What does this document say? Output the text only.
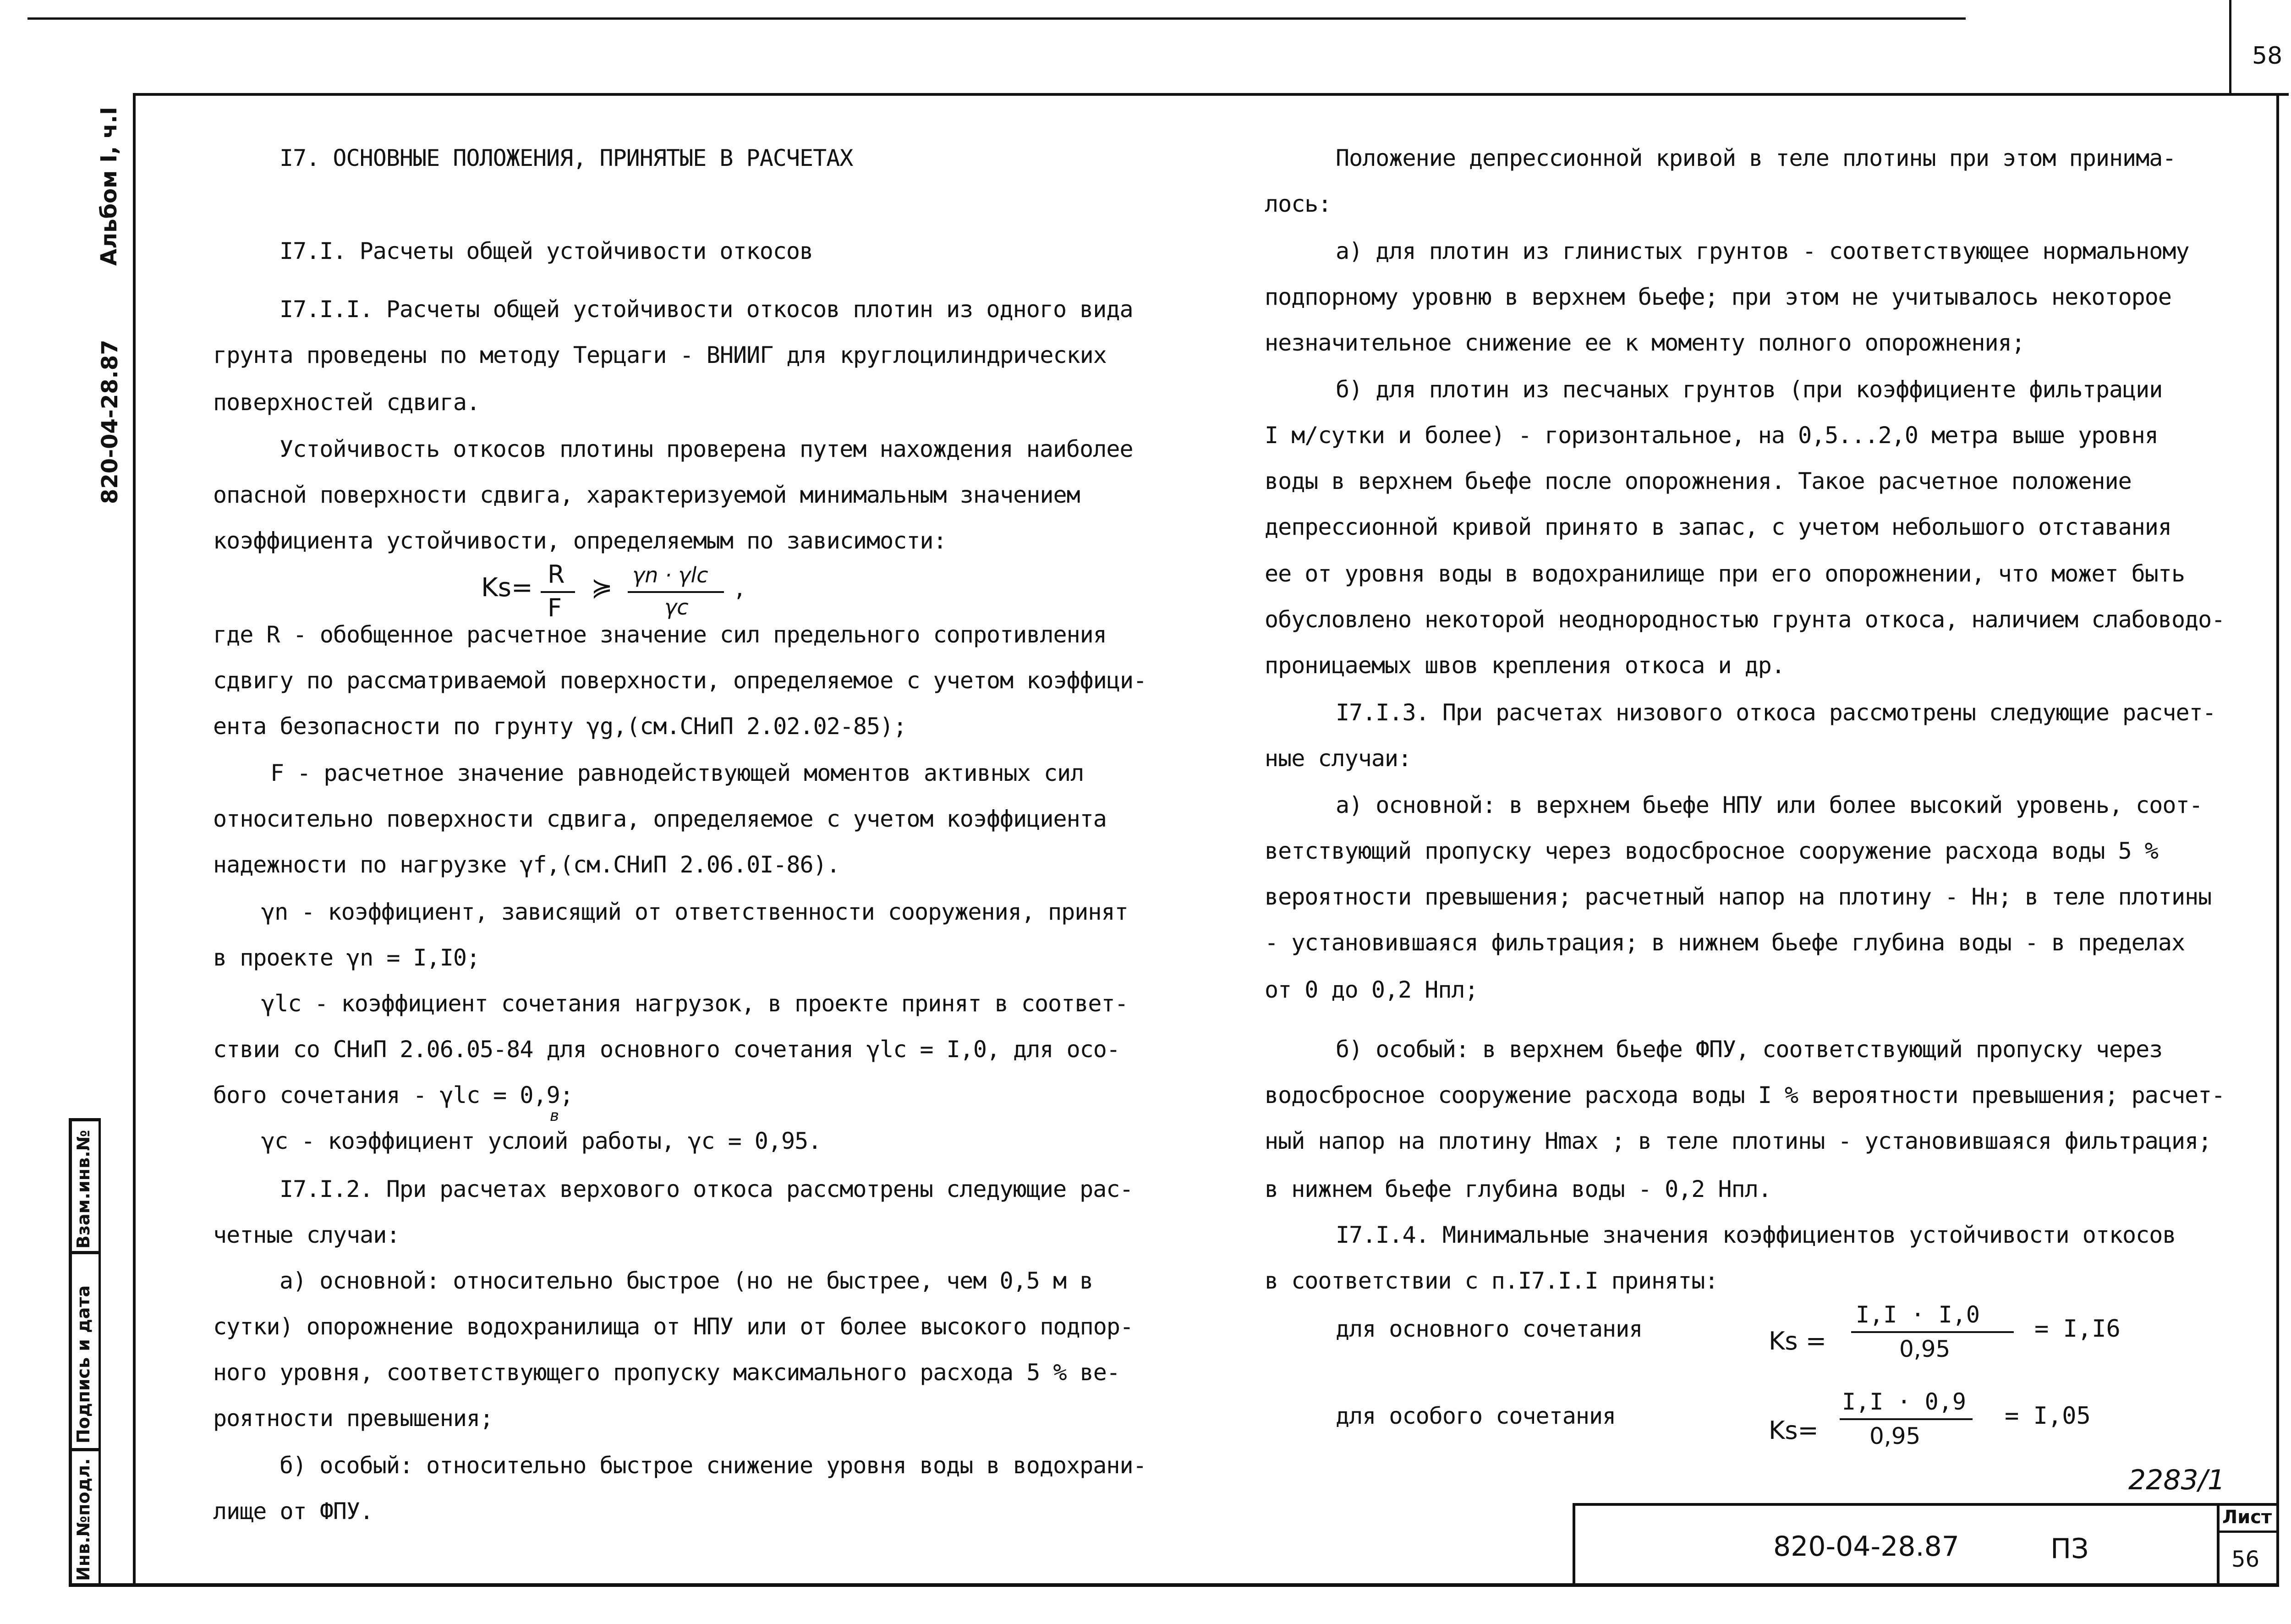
58
Альбом I, ч.I
820-04-28.87
Взам.инв.№
Подпись и дата
Инв.№подл.
I7. ОСНОВНЫЕ ПОЛОЖЕНИЯ, ПРИНЯТЫЕ В РАСЧЕТАХ
I7.I. Расчеты общей устойчивости откосов
I7.I.I. Расчеты общей устойчивости откосов плотин из одного вида
грунта проведены по методу Терцаги - ВНИИГ для круглоцилиндрических
поверхностей сдвига.
Устойчивость откосов плотины проверена путем нахождения наиболее
опасной поверхности сдвига, характеризуемой минимальным значением
коэффициента устойчивости, определяемым по зависимости:
Ks= R
F
≽ γn · γlc
γc
,
где R - обобщенное расчетное значение сил предельного сопротивления
сдвигу по рассматриваемой поверхности, определяемое с учетом коэффици-
ента безопасности по грунту γg,(см.СНиП 2.02.02-85);
F - расчетное значение равнодействующей моментов активных сил
относительно поверхности сдвига, определяемое с учетом коэффициента
надежности по нагрузке γf,(см.СНиП 2.06.0I-86).
γn - коэффициент, зависящий от ответственности сооружения, принят
в проекте γn = I,I0;
γlc - коэффициент сочетания нагрузок, в проекте принят в соответ-
ствии со СНиП 2.06.05-84 для основного сочетания γlc = I,0, для осо-
бого сочетания - γlc = 0,9;
в
γc - коэффициент услоий работы, γc = 0,95.
I7.I.2. При расчетах верхового откоса рассмотрены следующие рас-
четные случаи:
а) основной: относительно быстрое (но не быстрее, чем 0,5 м в
сутки) опорожнение водохранилища от НПУ или от более высокого подпор-
ного уровня, соответствующего пропуску максимального расхода 5 % ве-
роятности превышения;
б) особый: относительно быстрое снижение уровня воды в водохрани-
лище от ФПУ.
Положение депрессионной кривой в теле плотины при этом принима-
лось:
а) для плотин из глинистых грунтов - соответствующее нормальному
подпорному уровню в верхнем бьефе; при этом не учитывалось некоторое
незначительное снижение ее к моменту полного опорожнения;
б) для плотин из песчаных грунтов (при коэффициенте фильтрации
I м/сутки и более) - горизонтальное, на 0,5...2,0 метра выше уровня
воды в верхнем бьефе после опорожнения. Такое расчетное положение
депрессионной кривой принято в запас, с учетом небольшого отставания
ее от уровня воды в водохранилище при его опорожнении, что может быть
обусловлено некоторой неоднородностью грунта откоса, наличием слабоводо-
проницаемых швов крепления откоса и др.
I7.I.3. При расчетах низового откоса рассмотрены следующие расчет-
ные случаи:
а) основной: в верхнем бьефе НПУ или более высокий уровень, соот-
ветствующий пропуску через водосбросное сооружение расхода воды 5 %
вероятности превышения; расчетный напор на плотину - Hн; в теле плотины
- установившаяся фильтрация; в нижнем бьефе глубина воды - в пределах
от 0 до 0,2 Hпл;
б) особый: в верхнем бьефе ФПУ, соответствующий пропуску через
водосбросное сооружение расхода воды I % вероятности превышения; расчет-
ный напор на плотину Hmax ; в теле плотины - установившаяся фильтрация;
в нижнем бьефе глубина воды - 0,2 Hпл.
I7.I.4. Минимальные значения коэффициентов устойчивости откосов
в соответствии с п.I7.I.I приняты:
для основного сочетания	Ks =
I,I · I,0
0,95
= I,I6
для особого сочетания	Ks=
I,I · 0,9
0,95
= I,05
2283/1
820-04-28.87	ПЗ
Лист
56
